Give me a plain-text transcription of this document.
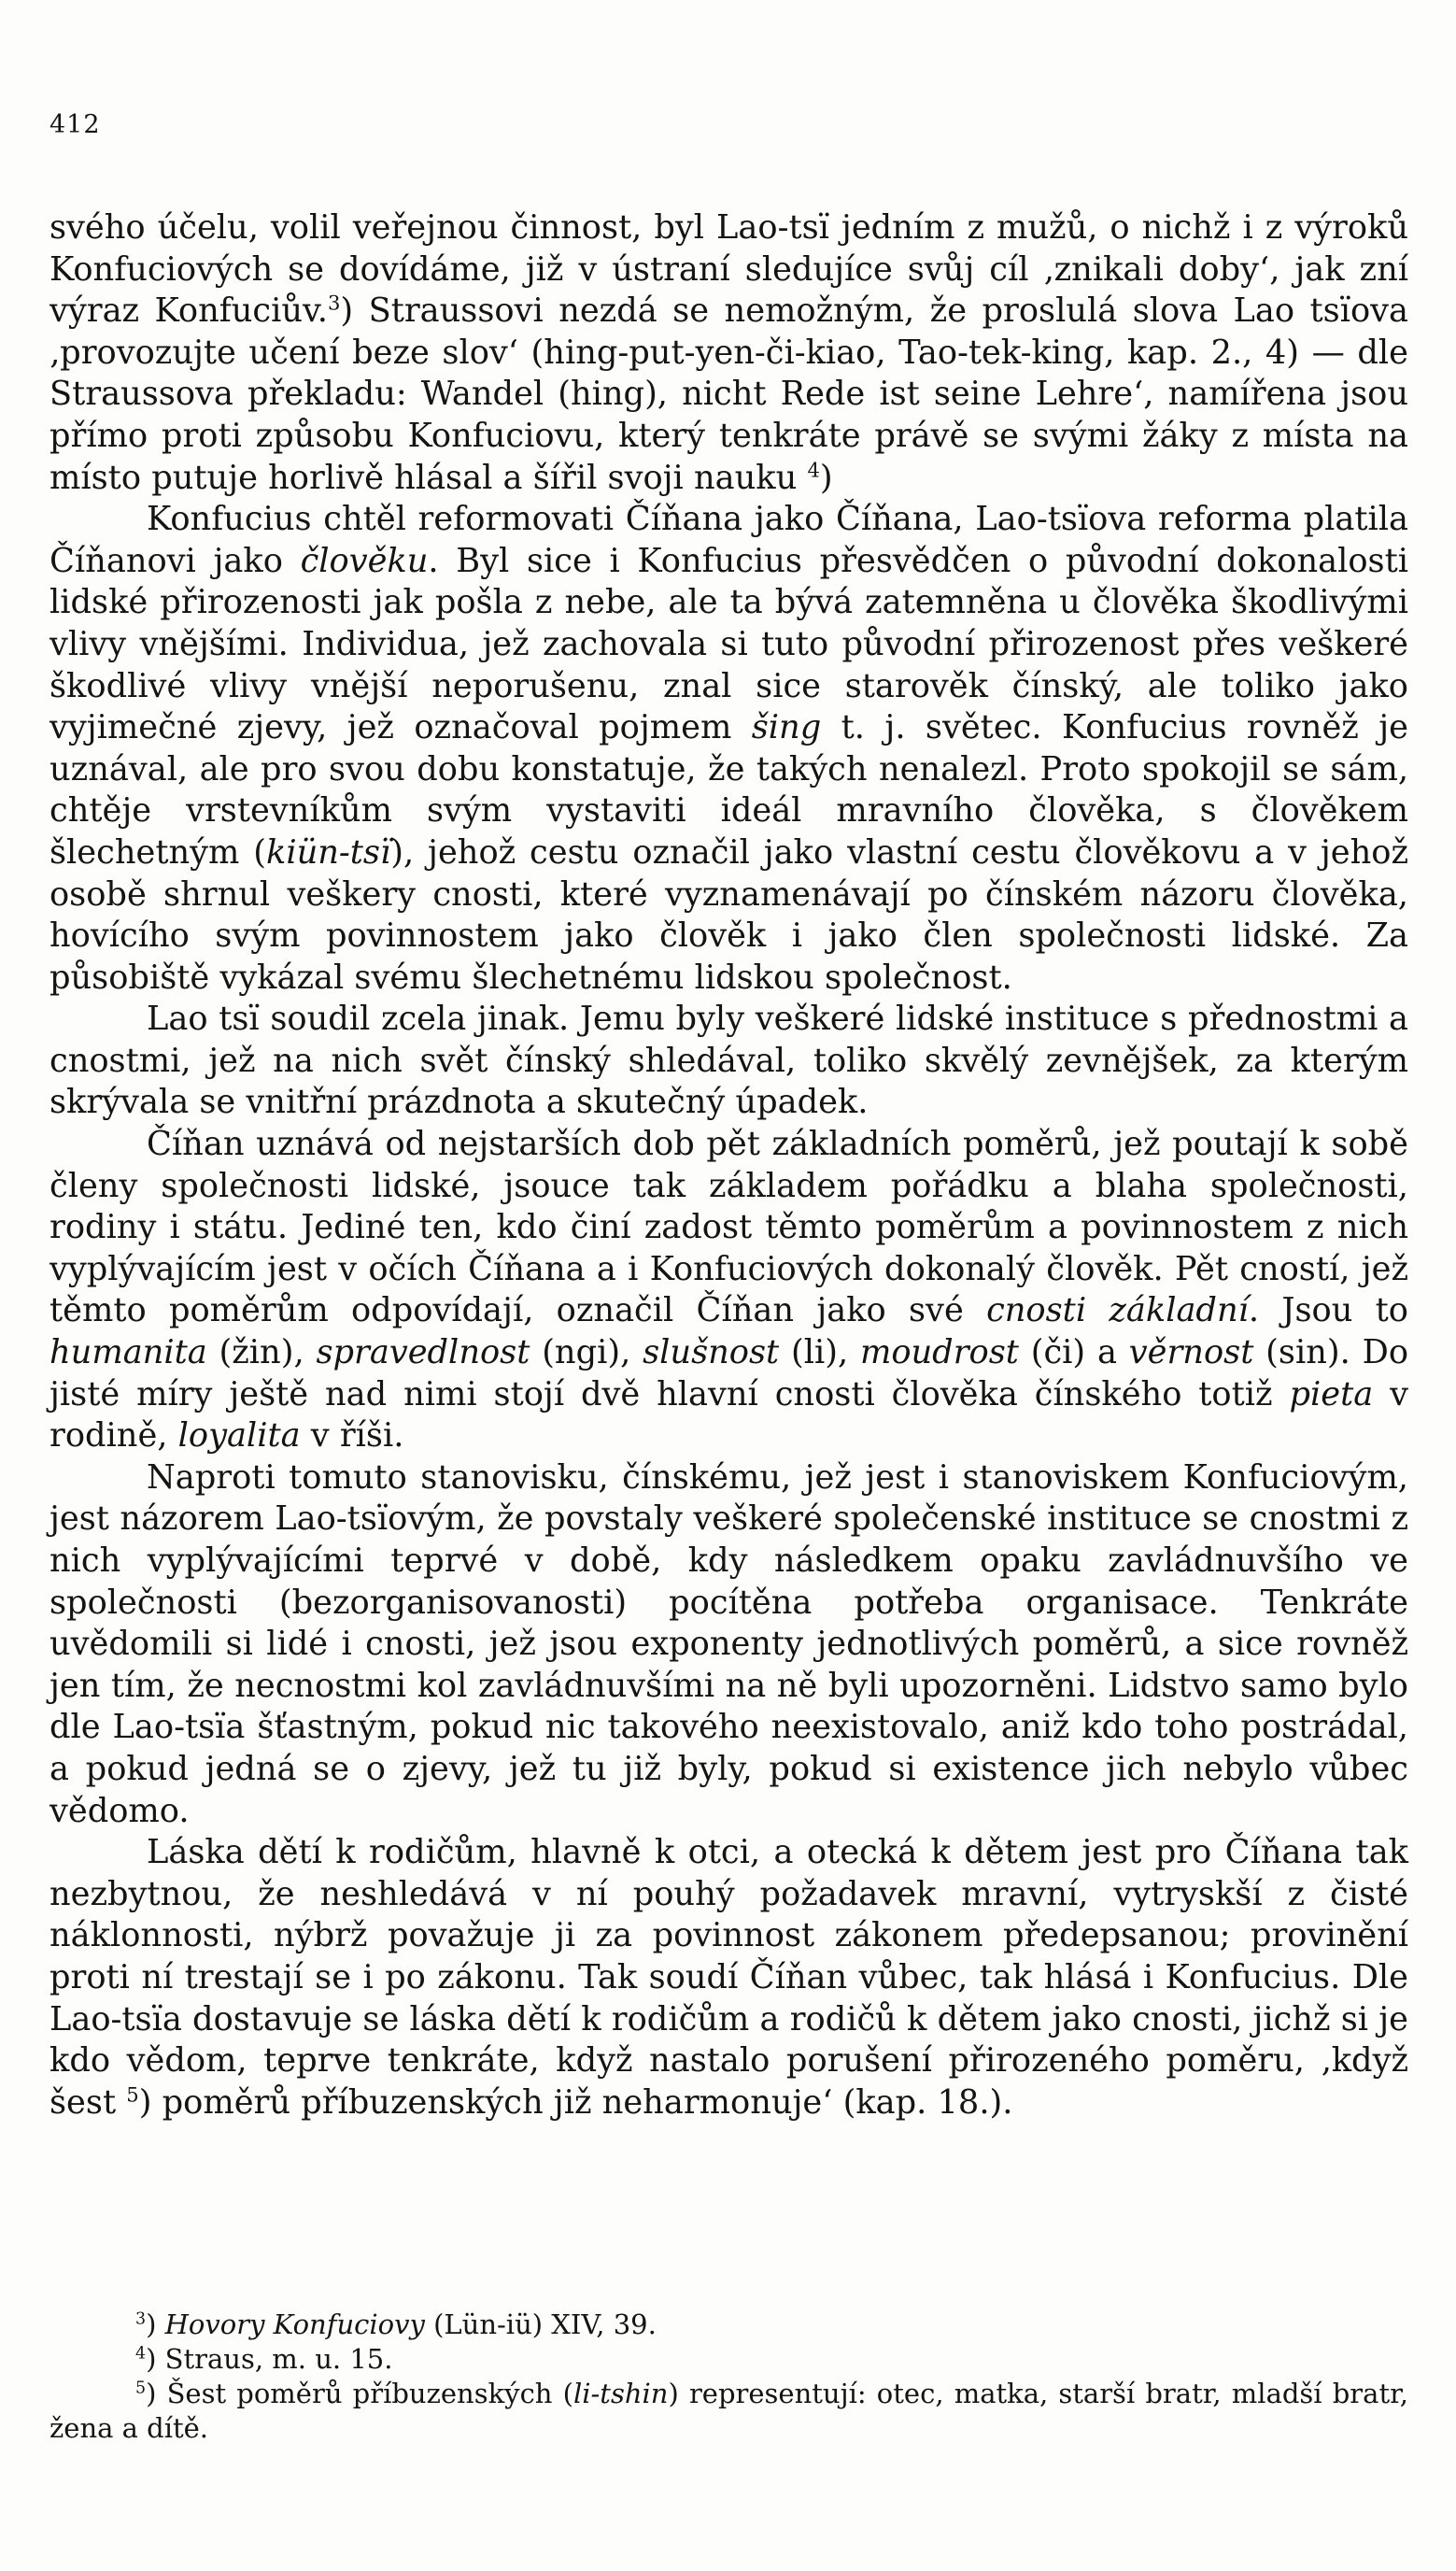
412

svého účelu, volil veřejnou činnost, byl Lao-tsï jedním z mužů, o nichž i z výroků Konfuciových se dovídáme, již v ústraní sledujíce svůj cíl ‚znikali doby‘, jak zní výraz Konfuciův.$^3$) Straussovi nezdá se nemožným, že proslulá slova Lao tsïova ‚provozujte učení beze slov‘ (hing-put-yen-či-kiao, Tao-tek-king, kap. 2., 4) — dle Straussova překladu: Wandel (hing), nicht Rede ist seine Lehre‘, namířena jsou přímo proti způsobu Konfuciovu, který tenkráte právě se svými žáky z místa na místo putuje horlivě hlásal a šířil svoji nauku $^4$)

Konfucius chtěl reformovati Číňana jako Číňana, Lao-tsïova reforma platila Číňanovi jako člověku. Byl sice i Konfucius přesvědčen o původní dokonalosti lidské přirozenosti jak pošla z nebe, ale ta bývá zatemněna u člověka škodlivými vlivy vnějšími. Individua, jež zachovala si tuto původní přirozenost přes veškeré škodlivé vlivy vnější neporušenu, znal sice starověk čínský, ale toliko jako vyjimečné zjevy, jež označoval pojmem šing t. j. světec. Konfucius rovněž je uznával, ale pro svou dobu konstatuje, že takých nenalezl. Proto spokojil se sám, chtěje vrstevníkům svým vystaviti ideál mravního člověka, s člověkem šlechetným (kiün-tsï), jehož cestu označil jako vlastní cestu člověkovu a v jehož osobě shrnul veškery cnosti, které vyznamenávají po čínském názoru člověka, hovícího svým povinnostem jako člověk i jako člen společnosti lidské. Za působiště vykázal svému šlechetnému lidskou společnost.

Lao tsï soudil zcela jinak. Jemu byly veškeré lidské instituce s přednostmi a cnostmi, jež na nich svět čínský shledával, toliko skvělý zevnějšek, za kterým skrývala se vnitřní prázdnota a skutečný úpadek.

Číňan uznává od nejstarších dob pět základních poměrů, jež poutají k sobě členy společnosti lidské, jsouce tak základem pořádku a blaha společnosti, rodiny i státu. Jediné ten, kdo činí zadost těmto poměrům a povinnostem z nich vyplývajícím jest v očích Číňana a i Konfuciových dokonalý člověk. Pět cností, jež těmto poměrům odpovídají, označil Číňan jako své cnosti základní. Jsou to humanita (žin), spravedlnost (ngi), slušnost (li), moudrost (či) a věrnost (sin). Do jisté míry ještě nad nimi stojí dvě hlavní cnosti člověka čínského totiž pieta v rodině, loyalita v říši.

Naproti tomuto stanovisku, čínskému, jež jest i stanoviskem Konfuciovým, jest názorem Lao-tsïovým, že povstaly veškeré společenské instituce se cnostmi z nich vyplývajícími teprvé v době, kdy následkem opaku zavládnuvšího ve společnosti (bezorganisovanosti) pocítěna potřeba organisace. Tenkráte uvědomili si lidé i cnosti, jež jsou exponenty jednotlivých poměrů, a sice rovněž jen tím, že necnostmi kol zavládnuvšími na ně byli upozorněni. Lidstvo samo bylo dle Lao-tsïa šťastným, pokud nic takového neexistovalo, aniž kdo toho postrádal, a pokud jedná se o zjevy, jež tu již byly, pokud si existence jich nebylo vůbec vědomo.

Láska dětí k rodičům, hlavně k otci, a otecká k dětem jest pro Číňana tak nezbytnou, že neshledává v ní pouhý požadavek mravní, vytryskší z čisté náklonnosti, nýbrž považuje ji za povinnost zákonem předepsanou; provinění proti ní trestají se i po zákonu. Tak soudí Číňan vůbec, tak hlásá i Konfucius. Dle Lao-tsïa dostavuje se láska dětí k rodičům a rodičů k dětem jako cnosti, jichž si je kdo vědom, teprve tenkráte, když nastalo porušení přirozeného poměru, ‚když šest $^5$) poměrů příbuzenských již neharmonuje‘ (kap. 18.).

$^3$) Hovory Konfuciovy (Lün-iü) XIV, 39.

$^4$) Straus, m. u. 15.

$^5$) Šest poměrů příbuzenských (li-tshin) representují: otec, matka, starší bratr, mladší bratr, žena a dítě.
